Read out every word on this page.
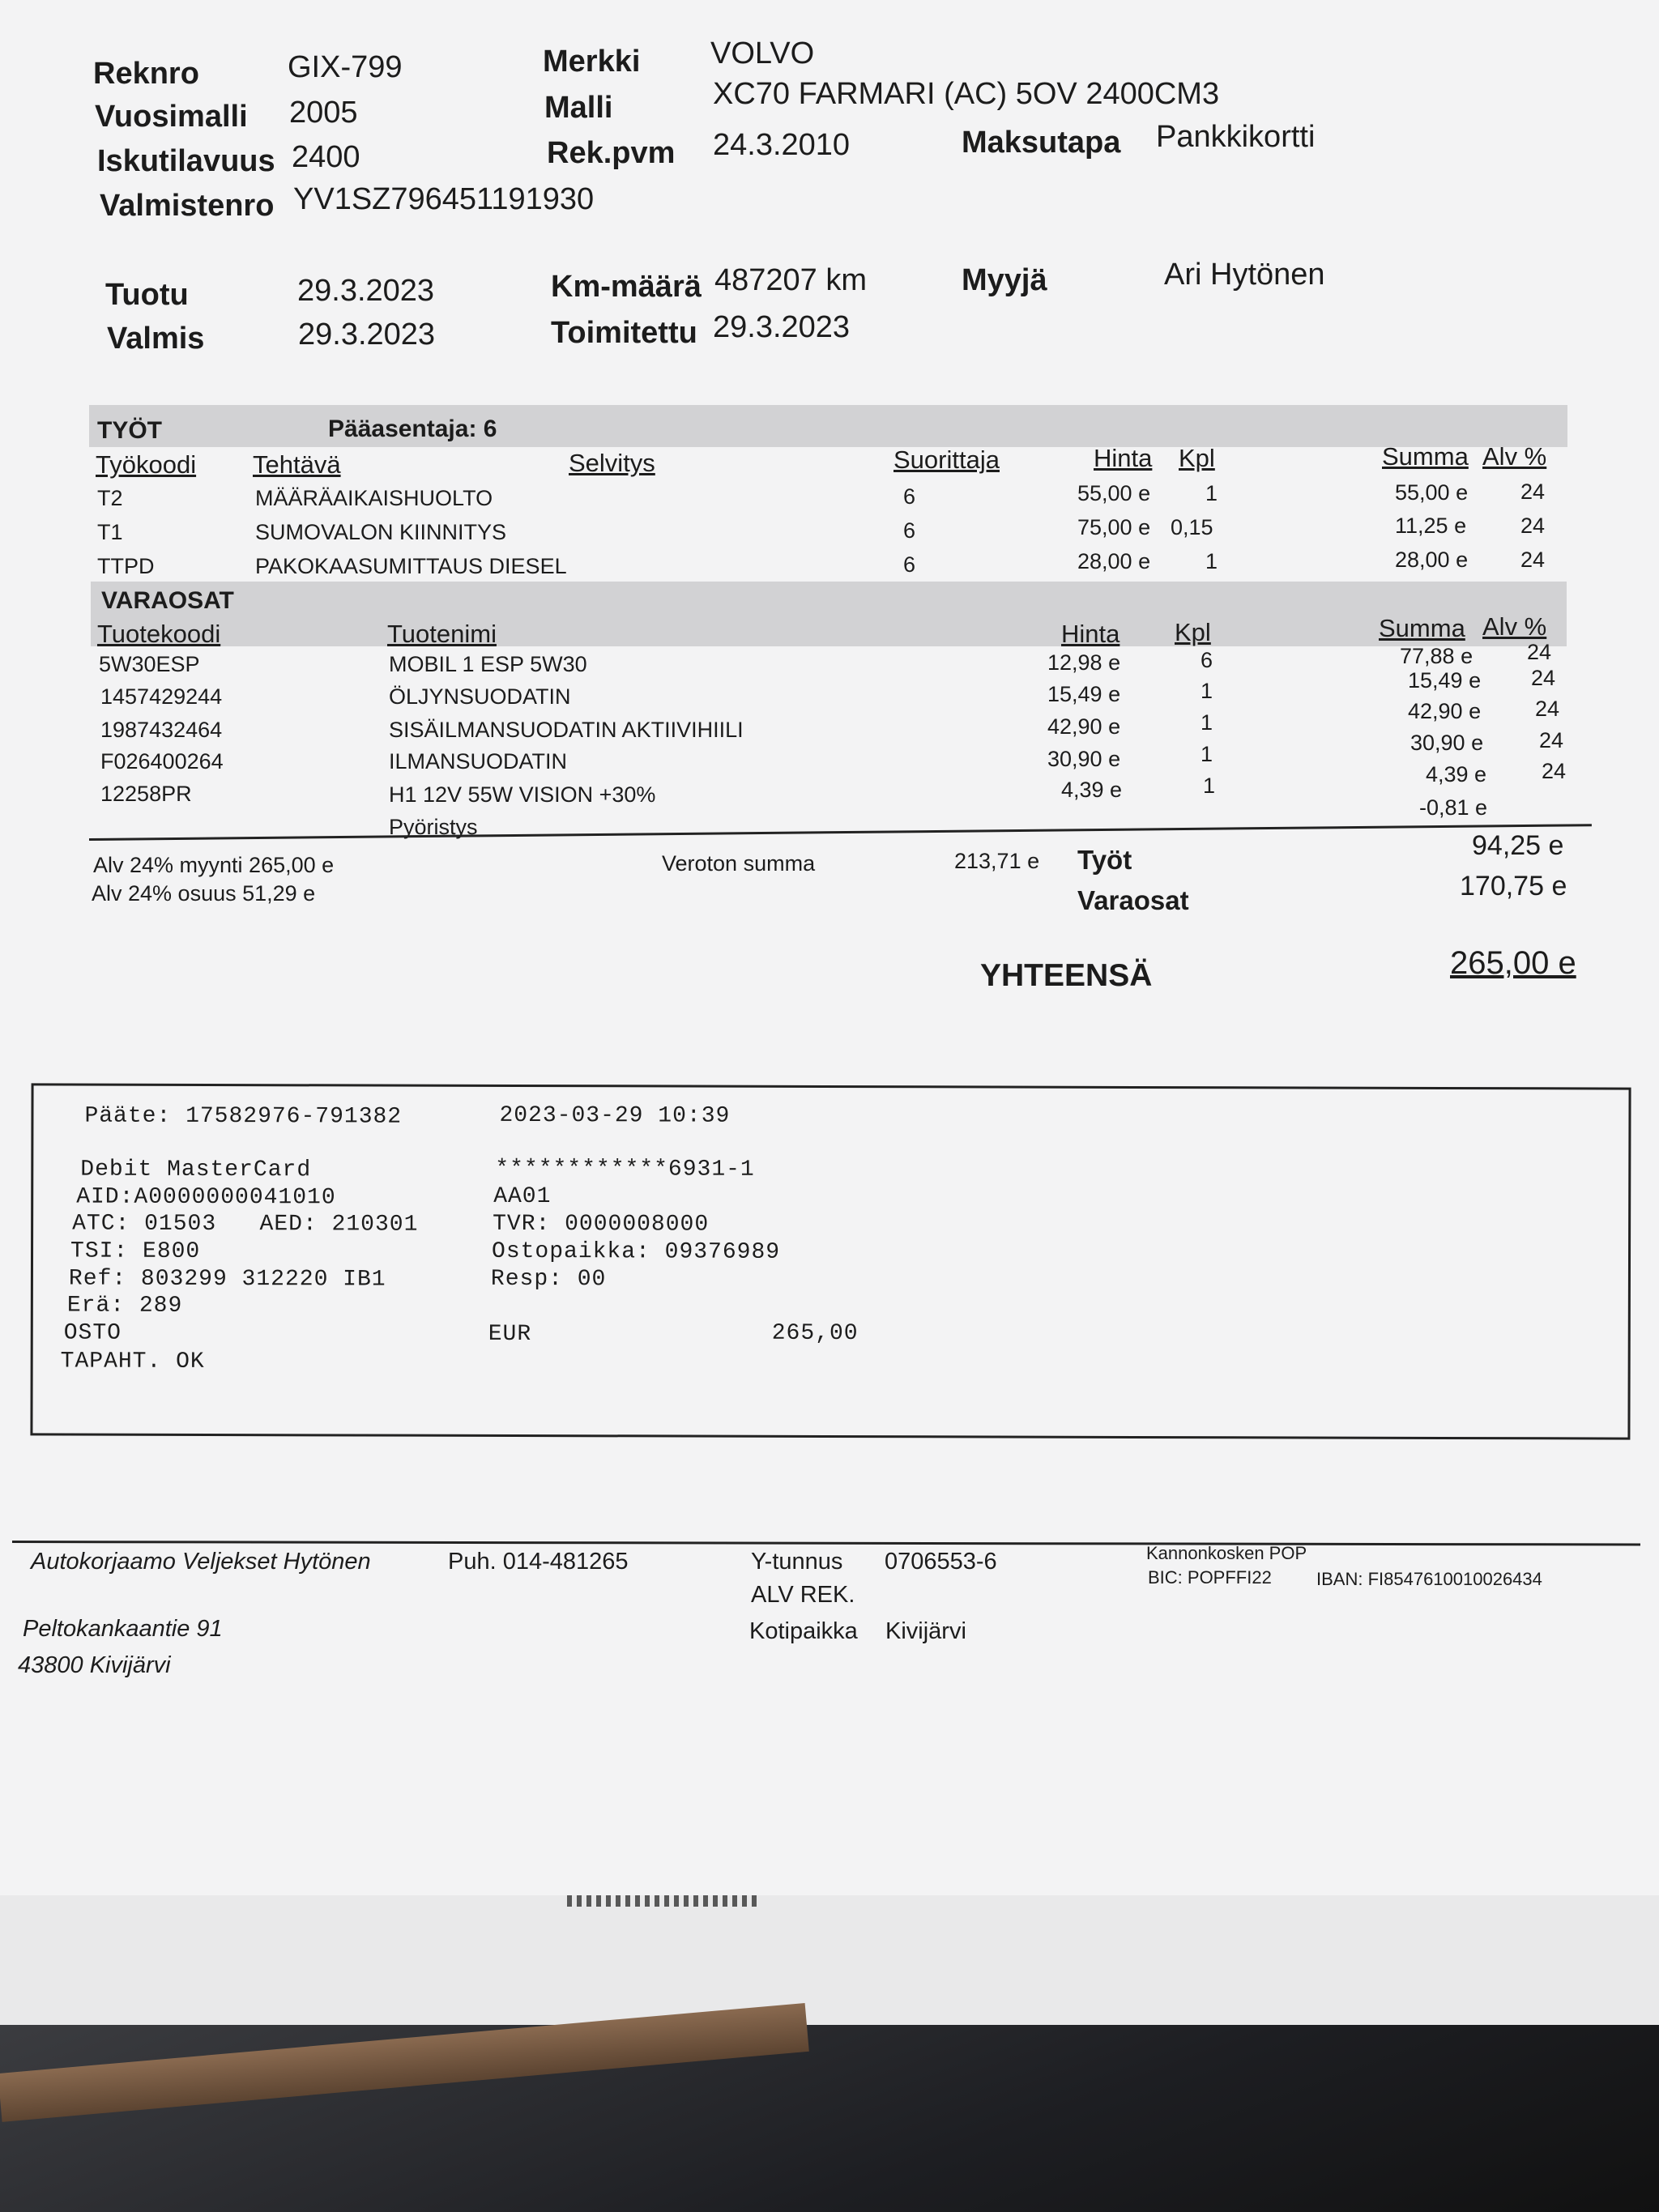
Reknro	GIX-799
Vuosimalli 2005
Iskutilavuus 2400
Valmistenro YV1SZ796451191930
Merkki VOLVO
Malli	XC70 FARMARI (AC) 5OV 2400CM3
Rek.pvm 24.3.2010	Maksutapa Pankkikortti
Tuotu	29.3.2023
Valmis	29.3.2023
Km-määrä 487207 km
Toimitettu 29.3.2023
Myyjä	Ari Hytönen
TYÖT	Pääasentaja: 6
Työkoodi Tehtävä	Selvitys	Suorittaja	Hinta Kpl	Summa Alv %
T2	MÄÄRÄAIKAISHUOLTO	6	55,00 e	1	55,00 e 24
T1	SUMOVALON KIINNITYS	6	75,00 e 0,15	11,25 e 24
TTPD	PAKOKAASUMITTAUS DIESEL	6	28,00 e	1	28,00 e 24
VARAOSAT
Tuotekoodi	Tuotenimi	Hinta Kpl	Summa Alv %
5W30ESP	MOBIL 1 ESP 5W30	12,98 e	6	77,88 e 24
1457429244	ÖLJYNSUODATIN	15,49 e	1	15,49 e 24
1987432464	SISÄILMANSUODATIN AKTIIVIHIILI	42,90 e	1	42,90 e 24
F026400264	ILMANSUODATIN	30,90 e	1	30,90 e	24
12258PR	H1 12V 55W VISION +30%	4,39 e	1	4,39 e	24
Pyöristys
-0,81 e
Alv 24% myynti 265,00 e
Alv 24% osuus 51,29 e
Veroton summa	213,71 e Työt	94,25 e
Varaosat	170,75 e
YHTEENSÄ	265,00 e
Pääte: 17582976-791382	2023-03-29 10:39
Debit MasterCard	************6931-1
AID:A0000000041010	AA01
ATC: 01503   AED: 210301	TVR: 0000008000
TSI: E800	Ostopaikka: 09376989
Ref: 803299 312220 IB1	Resp: 00
Erä: 289
OSTO	EUR	265,00
TAPAHT. OK
Autokorjaamo Veljekset Hytönen	Puh. 014-481265	Y-tunnus 0706553-6
ALV REK.
Kotipaikka Kivijärvi
Kannonkosken POP
BIC: POPFFI22	IBAN: FI8547610010026434
Peltokankaantie 91
43800 Kivijärvi
